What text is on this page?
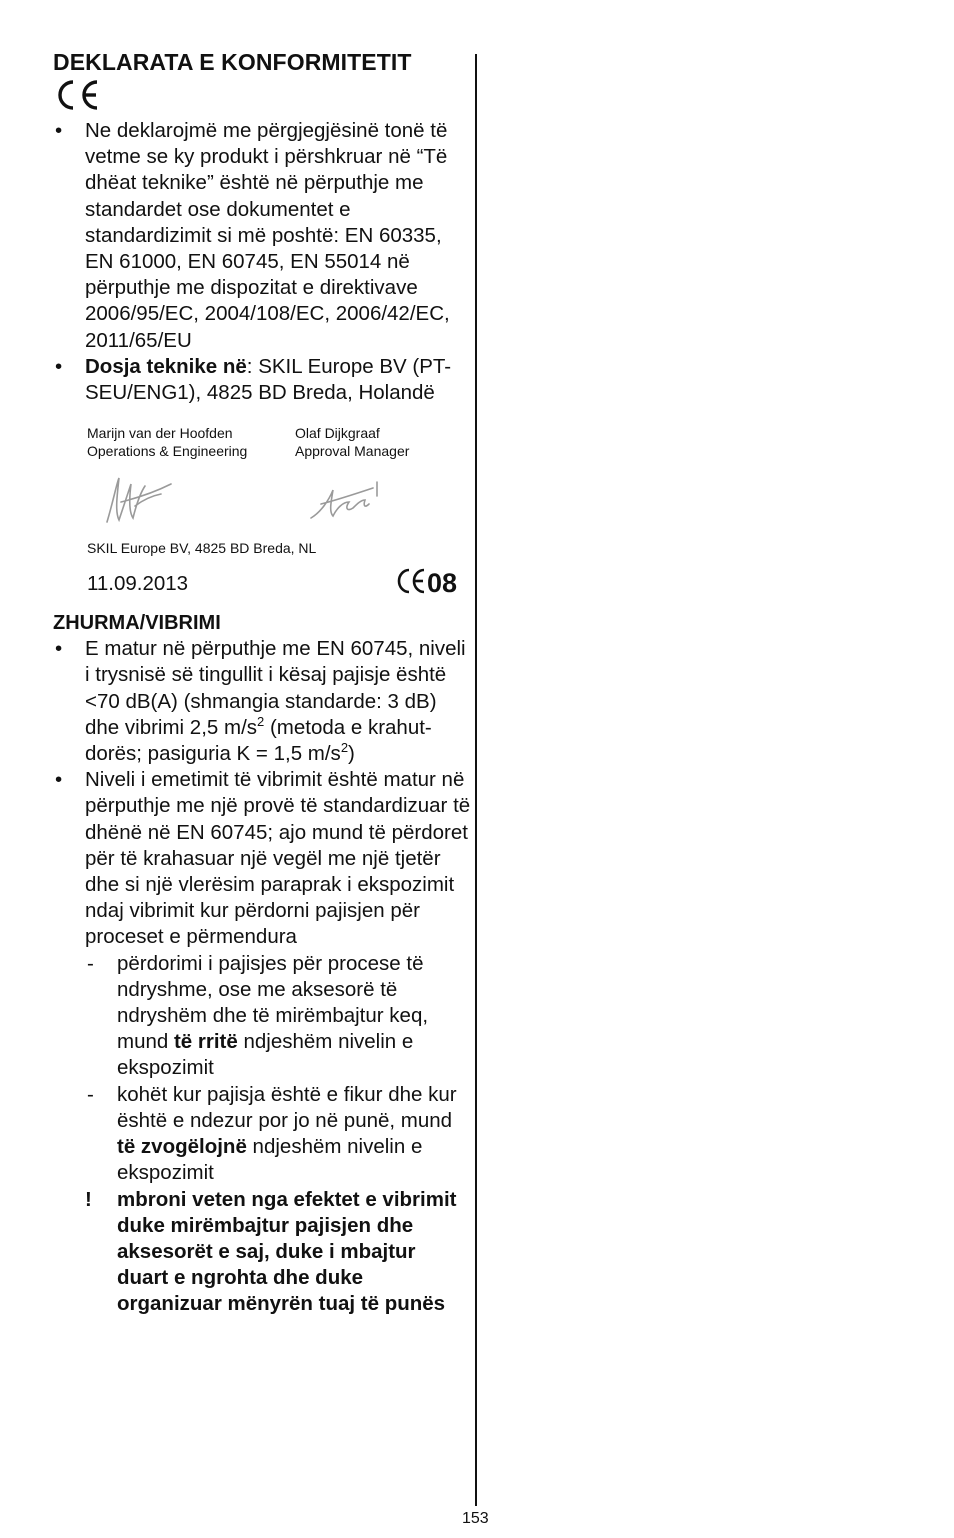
DEKLARATA E KONFORMITETIT
• Ne deklarojmë me përgjegjësinë tonë të vetme se ky produkt i përshkruar në “Të dhëat teknike” është në përputhje me standardet ose dokumentet e standardizimit si më poshtë: EN 60335, EN 61000, EN 60745, EN 55014 në përputhje me dispozitat e direktivave 2006/95/EC, 2004/108/EC, 2006/42/EC, 2011/65/EU
• Dosja teknike në: SKIL Europe BV (PT-SEU/ENG1), 4825 BD Breda, Holandë
Marijn van der Hoofden
Operations & Engineering
Olaf Dijkgraaf
Approval Manager
SKIL Europe BV, 4825 BD Breda, NL
11.09.2013	08
ZHURMA/VIBRIMI
• E matur në përputhje me EN 60745, niveli i trysnisë së tingullit i kësaj pajisje është <70 dB(A) (shmangia standarde: 3 dB) dhe vibrimi 2,5 $m/s^2$ (metoda e krahut-dorës; pasiguria K = 1,5 $m/s^2$)
• Niveli i emetimit të vibrimit është matur në përputhje me një provë të standardizuar të dhënë në EN 60745; ajo mund të përdoret për të krahasuar një vegël me një tjetër dhe si një vlerësim paraprak i ekspozimit ndaj vibrimit kur përdorni pajisjen për proceset e përmendura
- përdorimi i pajisjes për procese të ndryshme, ose me aksesorë të ndryshëm dhe të mirëmbajtur keq, mund të rritë ndjeshëm nivelin e ekspozimit
- kohët kur pajisja është e fikur dhe kur është e ndezur por jo në punë, mund të zvogëlojnë ndjeshëm nivelin e ekspozimit
! mbroni veten nga efektet e vibrimit duke mirëmbajtur pajisjen dhe aksesorët e saj, duke i mbajtur duart e ngrohta dhe duke organizuar mënyrën tuaj të punës
153
